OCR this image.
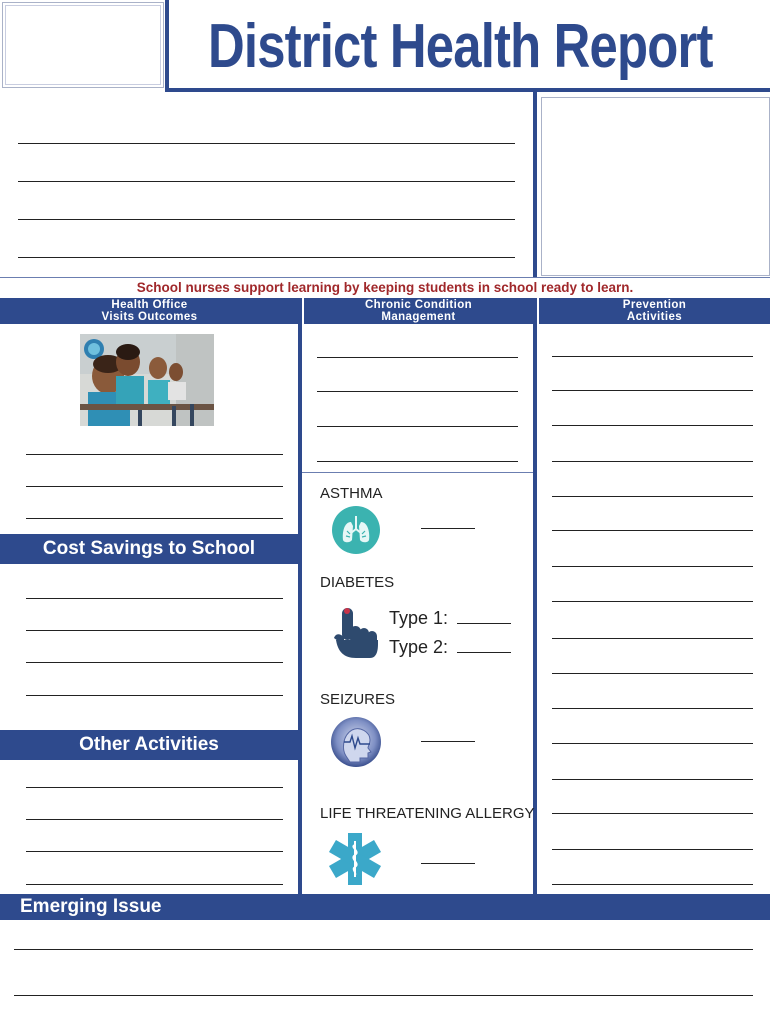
District Health Report
School nurses support learning by keeping students in school ready to learn.
Health Office
Visits Outcomes
Chronic Condition
Management
Prevention
Activities
Cost Savings to School
Other Activities
ASTHMA
DIABETES
Type 1:
Type 2:
SEIZURES
LIFE THREATENING ALLERGY
Emerging Issue
